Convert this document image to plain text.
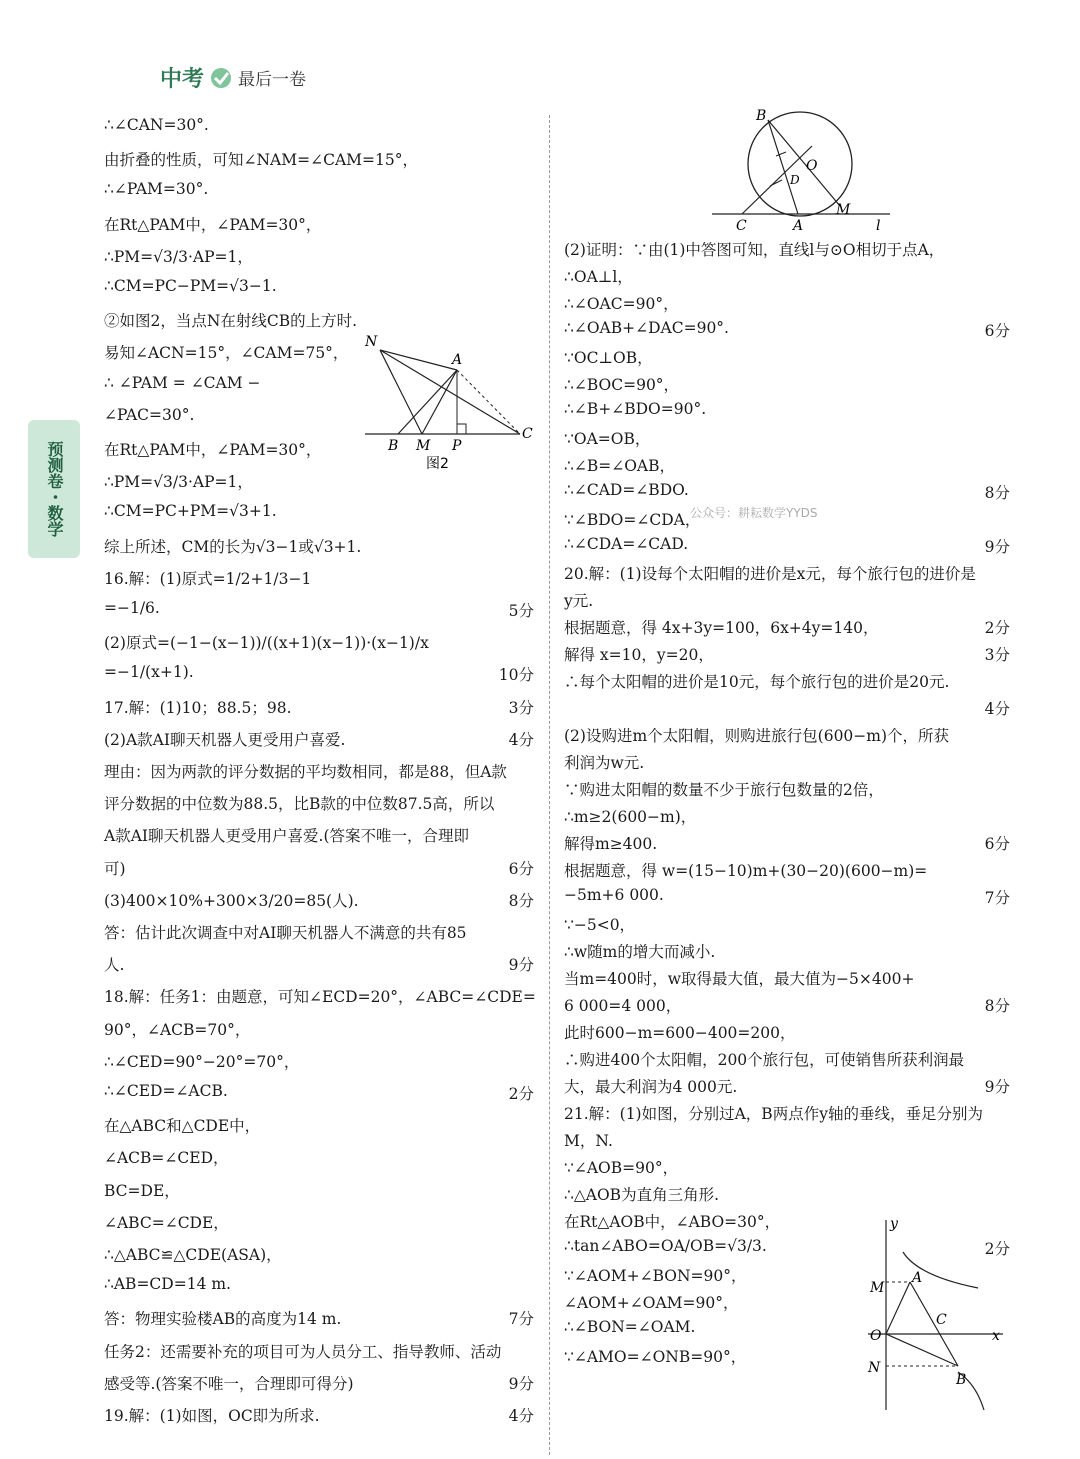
中考 最后一卷
预测卷・数学
∴∠CAN=30°.
由折叠的性质，可知∠NAM=∠CAM=15°，
∴∠PAM=30°.
在Rt△PAM中，∠PAM=30°，
∴PM=√3/3·AP=1，
∴CM=PC−PM=√3−1.
②如图2，当点N在射线CB的上方时.
易知∠ACN=15°，∠CAM=75°，
∴ ∠PAM = ∠CAM −
∠PAC=30°.
在Rt△PAM中，∠PAM=30°，
∴PM=√3/3·AP=1，
∴CM=PC+PM=√3+1.
综上所述，CM的长为√3−1或√3+1.
16.解：(1)原式=1/2+1/3−1
=−1/6.	5分
(2)原式=(−1−(x−1))/((x+1)(x−1))·(x−1)/x
=−1/(x+1).	10分
17.解：(1)10；88.5；98.	3分
(2)A款AI聊天机器人更受用户喜爱.	4分
理由：因为两款的评分数据的平均数相同，都是88，但A款
评分数据的中位数为88.5，比B款的中位数87.5高，所以
A款AI聊天机器人更受用户喜爱.(答案不唯一，合理即
可)	6分
(3)400×10%+300×3/20=85(人).	8分
答：估计此次调查中对AI聊天机器人不满意的共有85
人.	9分
18.解：任务1：由题意，可知∠ECD=20°，∠ABC=∠CDE=
90°，∠ACB=70°，
∴∠CED=90°−20°=70°，
∴∠CED=∠ACB.	2分
在△ABC和△CDE中，
∠ACB=∠CED，
BC=DE，
∠ABC=∠CDE，
∴△ABC≌△CDE(ASA)，
∴AB=CD=14 m.
答：物理实验楼AB的高度为14 m.	7分
任务2：还需要补充的项目可为人员分工、指导教师、活动
感受等.(答案不唯一，合理即可得分)	9分
19.解：(1)如图，OC即为所求.	4分
(2)证明：∵由(1)中答图可知，直线l与⊙O相切于点A，
∴OA⊥l，
∴∠OAC=90°，
∴∠OAB+∠DAC=90°.	6分
∵OC⊥OB，
∴∠BOC=90°，
∴∠B+∠BDO=90°.
∵OA=OB，
∴∠B=∠OAB，
∴∠CAD=∠BDO.	8分
∵∠BDO=∠CDA，
∴∠CDA=∠CAD.	9分
20.解：(1)设每个太阳帽的进价是x元，每个旅行包的进价是
y元.
根据题意，得 4x+3y=100，6x+4y=140，	2分
解得 x=10，y=20，	3分
∴每个太阳帽的进价是10元，每个旅行包的进价是20元.
4分
(2)设购进m个太阳帽，则购进旅行包(600−m)个，所获
利润为w元.
∵购进太阳帽的数量不少于旅行包数量的2倍，
∴m≥2(600−m)，
解得m≥400.	6分
根据题意，得 w=(15−10)m+(30−20)(600−m)=
−5m+6 000.	7分
∵−5<0，
∴w随m的增大而减小.
当m=400时，w取得最大值，最大值为−5×400+
6 000=4 000，	8分
此时600−m=600−400=200，
∴购进400个太阳帽，200个旅行包，可使销售所获利润最
大，最大利润为4 000元.	9分
21.解：(1)如图，分别过A，B两点作y轴的垂线，垂足分别为
M，N.
∵∠AOB=90°，
∴△AOB为直角三角形.
在Rt△AOB中，∠ABO=30°，
∴tan∠ABO=OA/OB=√3/3.	2分
∵∠AOM+∠BON=90°，
∠AOM+∠OAM=90°，
∴∠BON=∠OAM.
∵∠AMO=∠ONB=90°，
N
A
B M P
C
图2
B
O
D
C	A
M
l
y
M
A
C
O	x
N
B
公众号：耕耘数学YYDS
